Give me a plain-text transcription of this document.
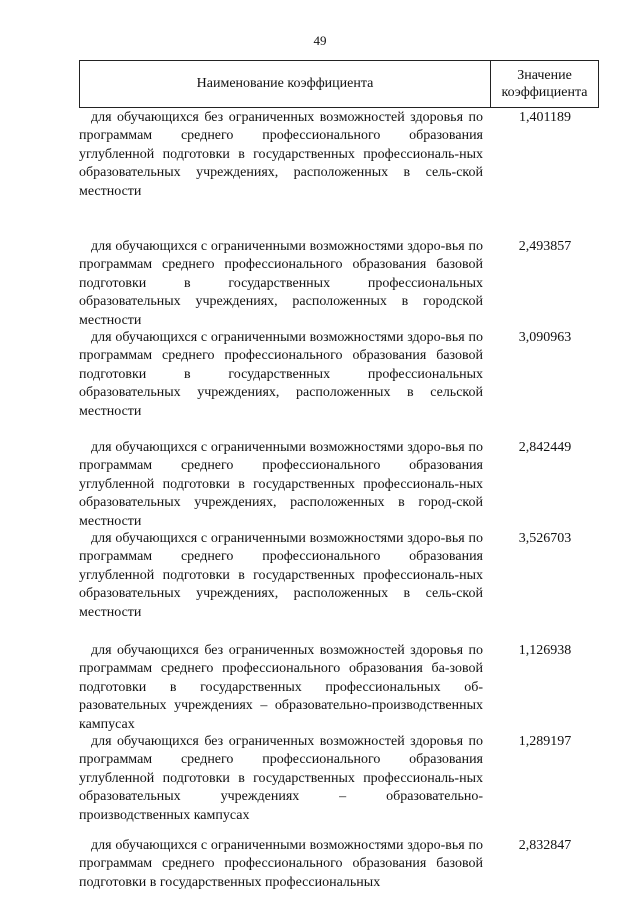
49
Наименование коэффициента
Значение
коэффициента
для обучающихся без ограниченных возможностей здоровья по программам среднего профессионального образования углубленной подготовки в государственных профессиональ-ных образовательных учреждениях, расположенных в сель-ской местности
1,401189
для обучающихся с ограниченными возможностями здоро-вья по программам среднего профессионального образования базовой подготовки в государственных профессиональных образовательных учреждениях, расположенных в городской местности
2,493857
для обучающихся с ограниченными возможностями здоро-вья по программам среднего профессионального образования базовой подготовки в государственных профессиональных образовательных учреждениях, расположенных в сельской местности
3,090963
для обучающихся с ограниченными возможностями здоро-вья по программам среднего профессионального образования углубленной подготовки в государственных профессиональ-ных образовательных учреждениях, расположенных в город-ской местности
2,842449
для обучающихся с ограниченными возможностями здоро-вья по программам среднего профессионального образования углубленной подготовки в государственных профессиональ-ных образовательных учреждениях, расположенных в сель-ской местности
3,526703
для обучающихся без ограниченных возможностей здоровья по программам среднего профессионального образования ба-зовой подготовки в государственных профессиональных об-разовательных учреждениях – образовательно-производственных кампусах
1,126938
для обучающихся без ограниченных возможностей здоровья по программам среднего профессионального образования углубленной подготовки в государственных профессиональ-ных образовательных учреждениях – образовательно-производственных кампусах
1,289197
для обучающихся с ограниченными возможностями здоро-вья по программам среднего профессионального образования базовой подготовки в государственных профессиональных
2,832847
